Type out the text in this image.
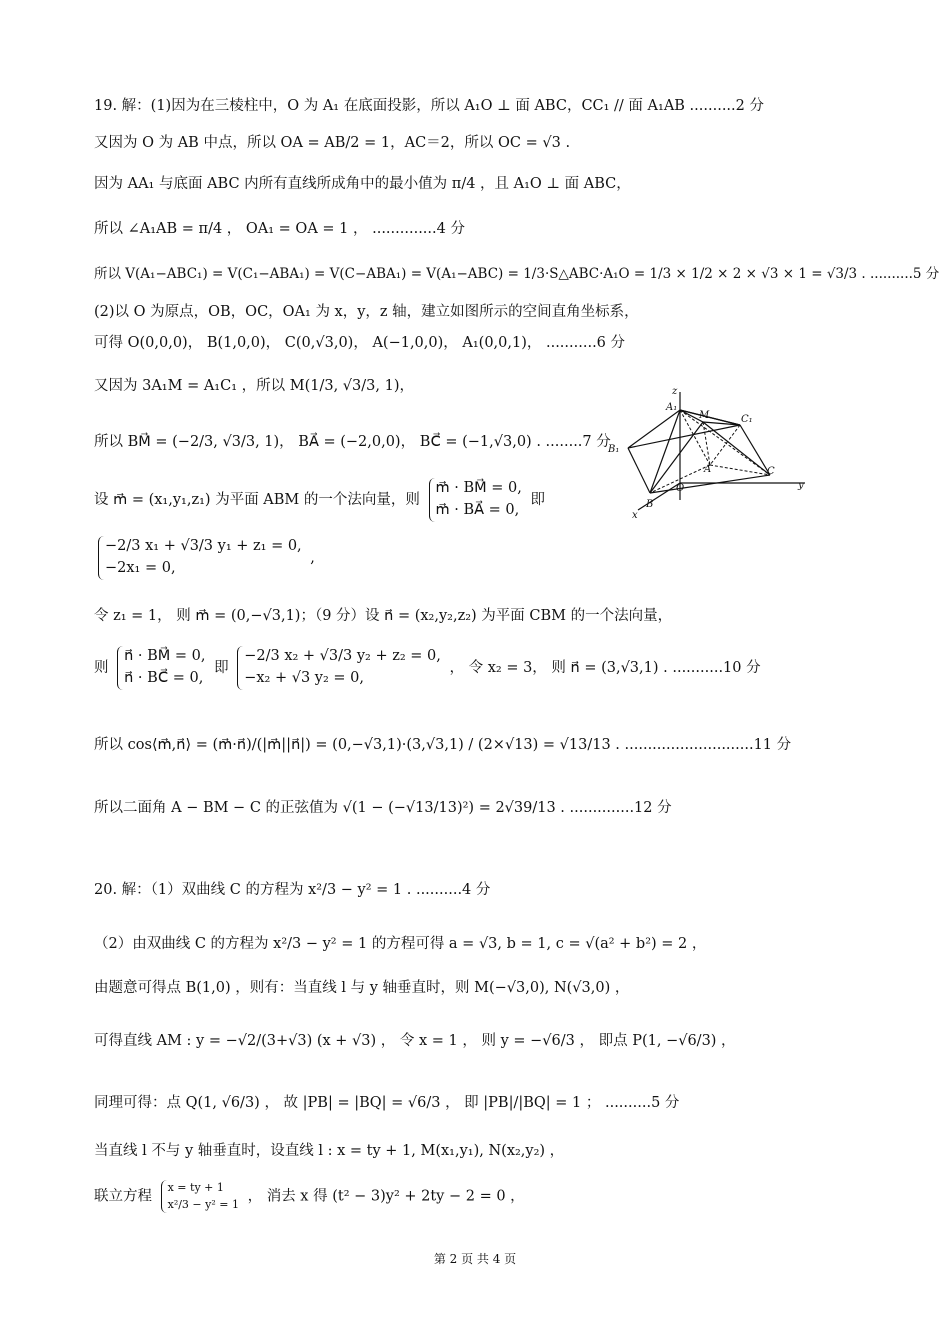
19. 解：(1)因为在三棱柱中，O 为 A₁ 在底面投影，所以 A₁O ⊥ 面 ABC，CC₁ // 面 A₁AB ..........2 分
又因为 O 为 AB 中点，所以 OA = AB/2 = 1，AC＝2，所以 OC = √3 .
因为 AA₁ 与底面 ABC 内所有直线所成角中的最小值为 π/4 ，且 A₁O ⊥ 面 ABC，
所以 ∠A₁AB = π/4 ， OA₁ = OA = 1 ， ..............4 分
所以 V(A₁−ABC₁) = V(C₁−ABA₁) = V(C−ABA₁) = V(A₁−ABC) = 1/3·S△ABC·A₁O = 1/3 × 1/2 × 2 × √3 × 1 = √3/3 . ..........5 分
(2)以 O 为原点，OB，OC，OA₁ 为 x，y，z 轴，建立如图所示的空间直角坐标系，
可得 O(0,0,0)， B(1,0,0)， C(0,√3,0)， A(−1,0,0)， A₁(0,0,1)， ...........6 分
又因为 3A₁M = A₁C₁ ，所以 M(1/3, √3/3, 1)，
所以 BM⃗ = (−2/3, √3/3, 1)， BA⃗ = (−2,0,0)， BC⃗ = (−1,√3,0) . ........7 分
设 m⃗ = (x₁,y₁,z₁) 为平面 ABM 的一个法向量，则
m⃗ · BM⃗ = 0,
m⃗ · BA⃗ = 0,
即
−2/3 x₁ + √3/3 y₁ + z₁ = 0,
−2x₁ = 0,
,
令 z₁ = 1， 则 m⃗ = (0,−√3,1)；（9 分）设 n⃗ = (x₂,y₂,z₂) 为平面 CBM 的一个法向量，
则
n⃗ · BM⃗ = 0,
n⃗ · BC⃗ = 0,
即
−2/3 x₂ + √3/3 y₂ + z₂ = 0,
−x₂ + √3 y₂ = 0,
， 令 x₂ = 3， 则 n⃗ = (3,√3,1) . ...........10 分
所以 cos⟨m⃗,n⃗⟩ = (m⃗·n⃗)/(|m⃗||n⃗|) = (0,−√3,1)·(3,√3,1) / (2×√13) = √13/13 . ............................11 分
所以二面角 A − BM − C 的正弦值为 √(1 − (−√13/13)²) = 2√39/13 . ..............12 分
20. 解：（1）双曲线 C 的方程为 x²/3 − y² = 1 . ..........4 分
（2）由双曲线 C 的方程为 x²/3 − y² = 1 的方程可得 a = √3, b = 1, c = √(a² + b²) = 2 ，
由题意可得点 B(1,0) ，则有：当直线 l 与 y 轴垂直时，则 M(−√3,0), N(√3,0) ，
可得直线 AM : y = −√2/(3+√3) (x + √3) ， 令 x = 1 ， 则 y = −√6/3 ， 即点 P(1, −√6/3) ，
同理可得：点 Q(1, √6/3) ， 故 |PB| = |BQ| = √6/3 ， 即 |PB|/|BQ| = 1 ； ..........5 分
当直线 l 不与 y 轴垂直时，设直线 l : x = ty + 1, M(x₁,y₁), N(x₂,y₂) ，
联立方程
x = ty + 1
x²/3 − y² = 1 ， 消去 x 得 (t² − 3)y² + 2ty − 2 = 0 ，
z
A₁
M	C₁
B₁
A
O
C
y
B
x
第 2 页 共 4 页
